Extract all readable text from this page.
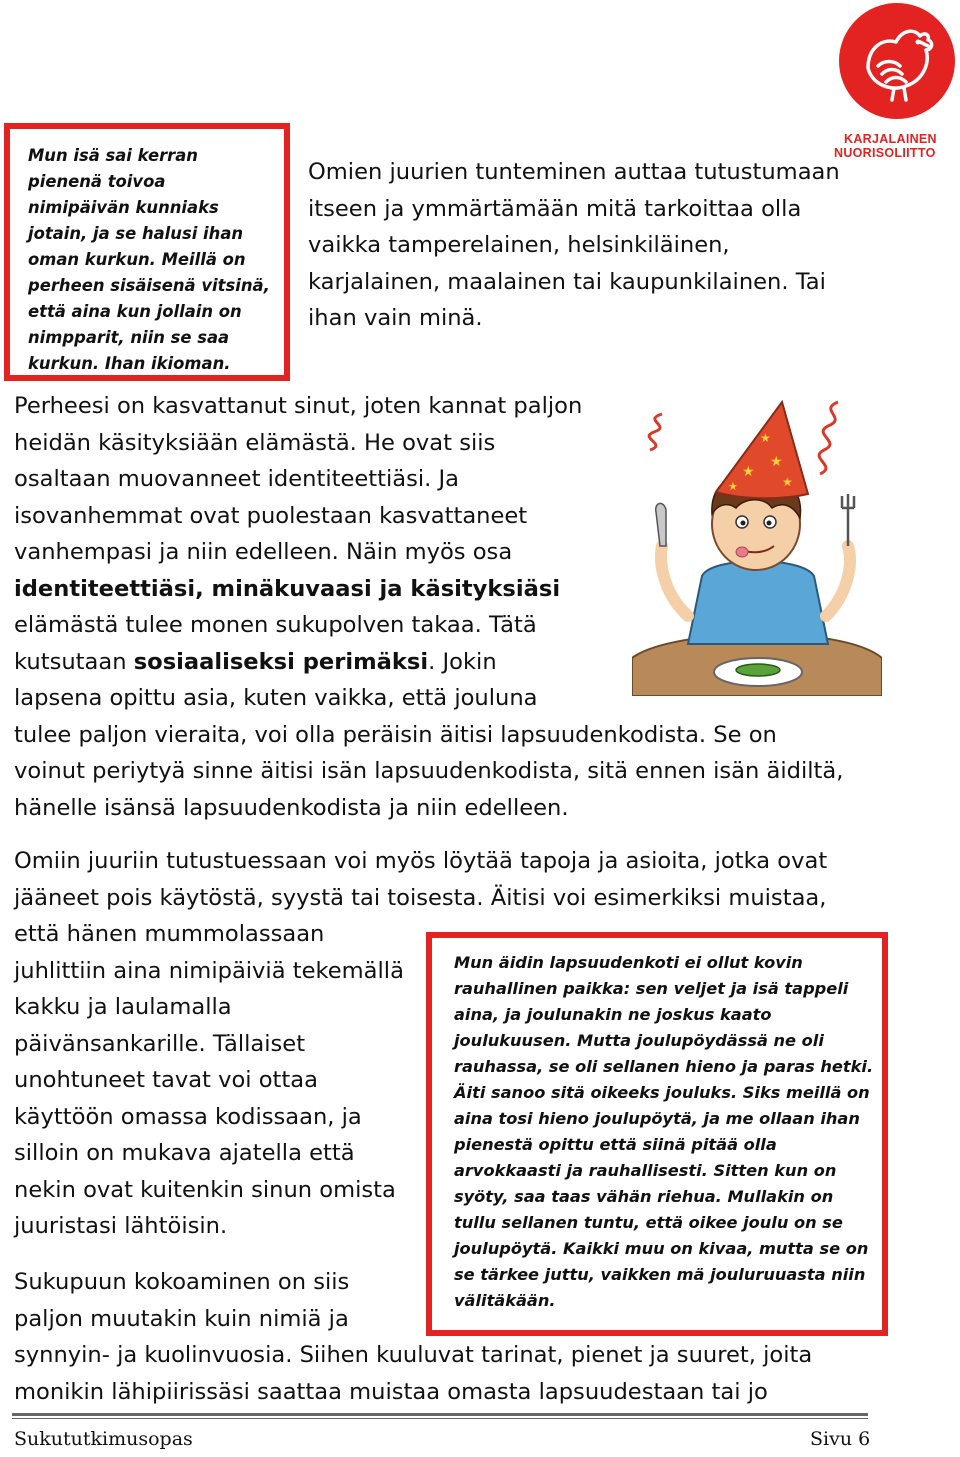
KARJALAINEN
NUORISOLIITTO
Mun isä sai kerran
pienenä toivoa
nimipäivän kunniaks
jotain, ja se halusi ihan
oman kurkun. Meillä on
perheen sisäisenä vitsinä,
että aina kun jollain on
nimpparit, niin se saa
kurkun. Ihan ikioman.
Omien juurien tunteminen auttaa tutustumaan
itseen ja ymmärtämään mitä tarkoittaa olla
vaikka tamperelainen, helsinkiläinen,
karjalainen, maalainen tai kaupunkilainen. Tai
ihan vain minä.
★
★
★
★
★
Perheesi on kasvattanut sinut, joten kannat paljon
heidän käsityksiään elämästä. He ovat siis
osaltaan muovanneet identiteettiäsi. Ja
isovanhemmat ovat puolestaan kasvattaneet
vanhempasi ja niin edelleen. Näin myös osa
identiteettiäsi, minäkuvaasi ja käsityksiäsi
elämästä tulee monen sukupolven takaa. Tätä
kutsutaan sosiaaliseksi perimäksi. Jokin
lapsena opittu asia, kuten vaikka, että jouluna
tulee paljon vieraita, voi olla peräisin äitisi lapsuudenkodista. Se on
voinut periytyä sinne äitisi isän lapsuudenkodista, sitä ennen isän äidiltä,
hänelle isänsä lapsuudenkodista ja niin edelleen.
Omiin juuriin tutustuessaan voi myös löytää tapoja ja asioita, jotka ovat
jääneet pois käytöstä, syystä tai toisesta. Äitisi voi esimerkiksi muistaa,
että hänen mummolassaan
juhlittiin aina nimipäiviä tekemällä
kakku ja laulamalla
päivänsankarille. Tällaiset
unohtuneet tavat voi ottaa
käyttöön omassa kodissaan, ja
silloin on mukava ajatella että
nekin ovat kuitenkin sinun omista
juuristasi lähtöisin.
Mun äidin lapsuudenkoti ei ollut kovin
rauhallinen paikka: sen veljet ja isä tappeli
aina, ja joulunakin ne joskus kaato
joulukuusen. Mutta joulupöydässä ne oli
rauhassa, se oli sellanen hieno ja paras hetki.
Äiti sanoo sitä oikeeks jouluks. Siks meillä on
aina tosi hieno joulupöytä, ja me ollaan ihan
pienestä opittu että siinä pitää olla
arvokkaasti ja rauhallisesti. Sitten kun on
syöty, saa taas vähän riehua. Mullakin on
tullu sellanen tuntu, että oikee joulu on se
joulupöytä. Kaikki muu on kivaa, mutta se on
se tärkee juttu, vaikken mä jouluruuasta niin
välitäkään.
Sukupuun kokoaminen on siis
paljon muutakin kuin nimiä ja
synnyin- ja kuolinvuosia. Siihen kuuluvat tarinat, pienet ja suuret, joita
monikin lähipiirissäsi saattaa muistaa omasta lapsuudestaan tai jo
Sukututkimusopas	Sivu 6
